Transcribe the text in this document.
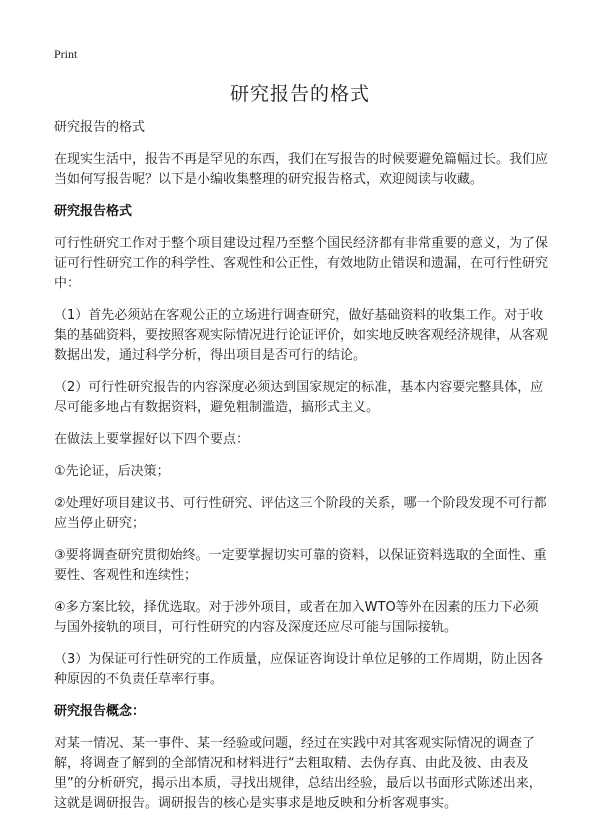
Print
研究报告的格式

研究报告的格式

在现实生活中，报告不再是罕见的东西，我们在写报告的时候要避免篇幅过长。我们应当如何写报告呢？以下是小编收集整理的研究报告格式，欢迎阅读与收藏。

研究报告格式

可行性研究工作对于整个项目建设过程乃至整个国民经济都有非常重要的意义，为了保证可行性研究工作的科学性、客观性和公正性，有效地防止错误和遗漏，在可行性研究中：

（1）首先必须站在客观公正的立场进行调查研究，做好基础资料的收集工作。对于收集的基础资料，要按照客观实际情况进行论证评价，如实地反映客观经济规律，从客观数据出发，通过科学分析，得出项目是否可行的结论。

（2）可行性研究报告的内容深度必须达到国家规定的标准，基本内容要完整具体，应尽可能多地占有数据资料，避免粗制滥造，搞形式主义。

在做法上要掌握好以下四个要点：

①先论证，后决策；

②处理好项目建议书、可行性研究、评估这三个阶段的关系，哪一个阶段发现不可行都应当停止研究；

③要将调查研究贯彻始终。一定要掌握切实可靠的资料，以保证资料选取的全面性、重要性、客观性和连续性；

④多方案比较，择优选取。对于涉外项目，或者在加入WTO等外在因素的压力下必须与国外接轨的项目，可行性研究的内容及深度还应尽可能与国际接轨。

（3）为保证可行性研究的工作质量，应保证咨询设计单位足够的工作周期，防止因各种原因的不负责任草率行事。

研究报告概念：

对某一情况、某一事件、某一经验或问题，经过在实践中对其客观实际情况的调查了解，将调查了解到的全部情况和材料进行“去粗取精、去伪存真、由此及彼、由表及里”的分析研究，揭示出本质，寻找出规律，总结出经验，最后以书面形式陈述出来，这就是调研报告。调研报告的核心是实事求是地反映和分析客观事实。
